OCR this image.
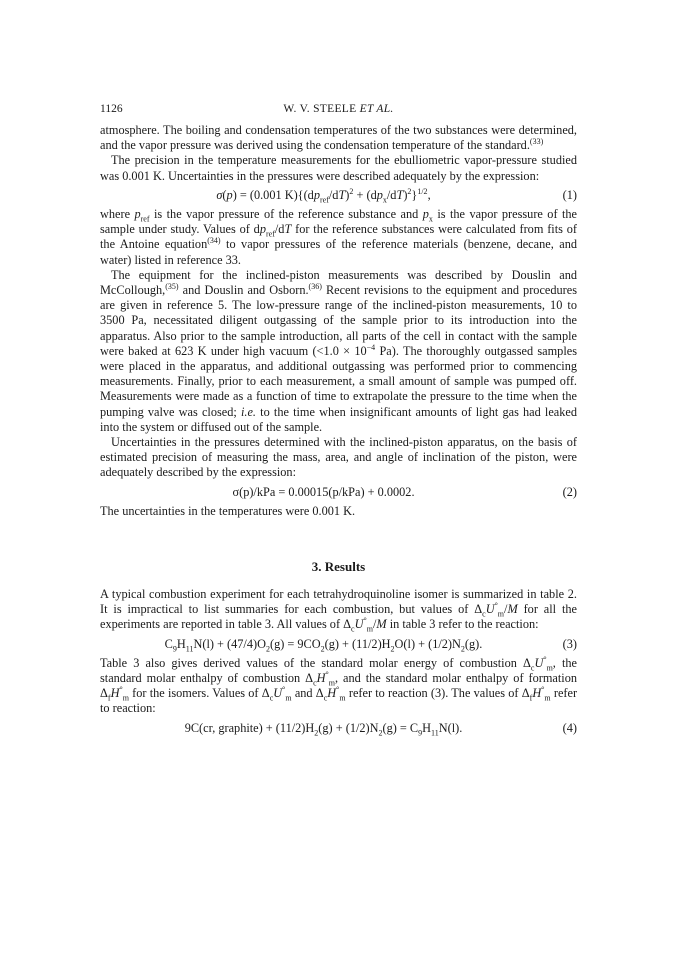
1126	W. V. STEELE ET AL.

atmosphere. The boiling and condensation temperatures of the two substances were determined, and the vapor pressure was derived using the condensation temperature of the standard.$^{(33)}$

The precision in the temperature measurements for the ebulliometric vapor-pressure studied was 0.001 K. Uncertainties in the pressures were described adequately by the expression:

σ(p) = (0.001 $K)\{(dp_{ref}/dT)^2 + (dp_x/dT)^2\}^{1/2}$,	(1)

where $p_{ref}$ is the vapor pressure of the reference substance and $p_x$ is the vapor pressure of the sample under study. Values of $dp_{ref}/dT$ for the reference substances were calculated from fits of the Antoine equation$^{(34)}$ to vapor pressures of the reference materials (benzene, decane, and water) listed in reference 33.

The equipment for the inclined-piston measurements was described by Douslin and McCollough,$^{(35)}$ and Douslin and Osborn.$^{(36)}$ Recent revisions to the equipment and procedures are given in reference 5. The low-pressure range of the inclined-piston measurements, 10 to 3500 Pa, necessitated diligent outgassing of the sample prior to its introduction into the apparatus. Also prior to the sample introduction, all parts of the cell in contact with the sample were baked at 623 K under high vacuum ($<1.0 \times 10^{-4}$ Pa). The thoroughly outgassed samples were placed in the apparatus, and additional outgassing was performed prior to commencing measurements. Finally, prior to each measurement, a small amount of sample was pumped off. Measurements were made as a function of time to extrapolate the pressure to the time when the pumping valve was closed; i.e. to the time when insignificant amounts of light gas had leaked into the system or diffused out of the sample.

Uncertainties in the pressures determined with the inclined-piston apparatus, on the basis of estimated precision of measuring the mass, area, and angle of inclination of the piston, were adequately described by the expression:

σ(p)/kPa = 0.00015(p/kPa) + 0.0002.	(2)

The uncertainties in the temperatures were 0.001 K.

3. Results

A typical combustion experiment for each tetrahydroquinoline isomer is summarized in table 2. It is impractical to list summaries for each combustion, but values of $\Delta_cU^\circ_m/M$ for all the experiments are reported in table 3. All values of $\Delta_cU^\circ_m/M$ in table 3 refer to the reaction:

$C_9H_{11}N(l) + (47/4)O_2(g) = 9CO_2(g) + (11/2)H_2O(l) + (1/2)N_2(g)$.	(3)

Table 3 also gives derived values of the standard molar energy of combustion $\Delta_cU^\circ_m$, the standard molar enthalpy of combustion $\Delta_cH^\circ_m$, and the standard molar enthalpy of formation $\Delta_fH^\circ_m$ for the isomers. Values of $\Delta_cU^\circ_m$ and $\Delta_cH^\circ_m$ refer to reaction (3). The values of $\Delta_fH^\circ_m$ refer to reaction:

9C(cr, graphite) + $(11/2)H_2(g) + (1/2)N_2(g) = C_9H_{11}N(l)$.	(4)
